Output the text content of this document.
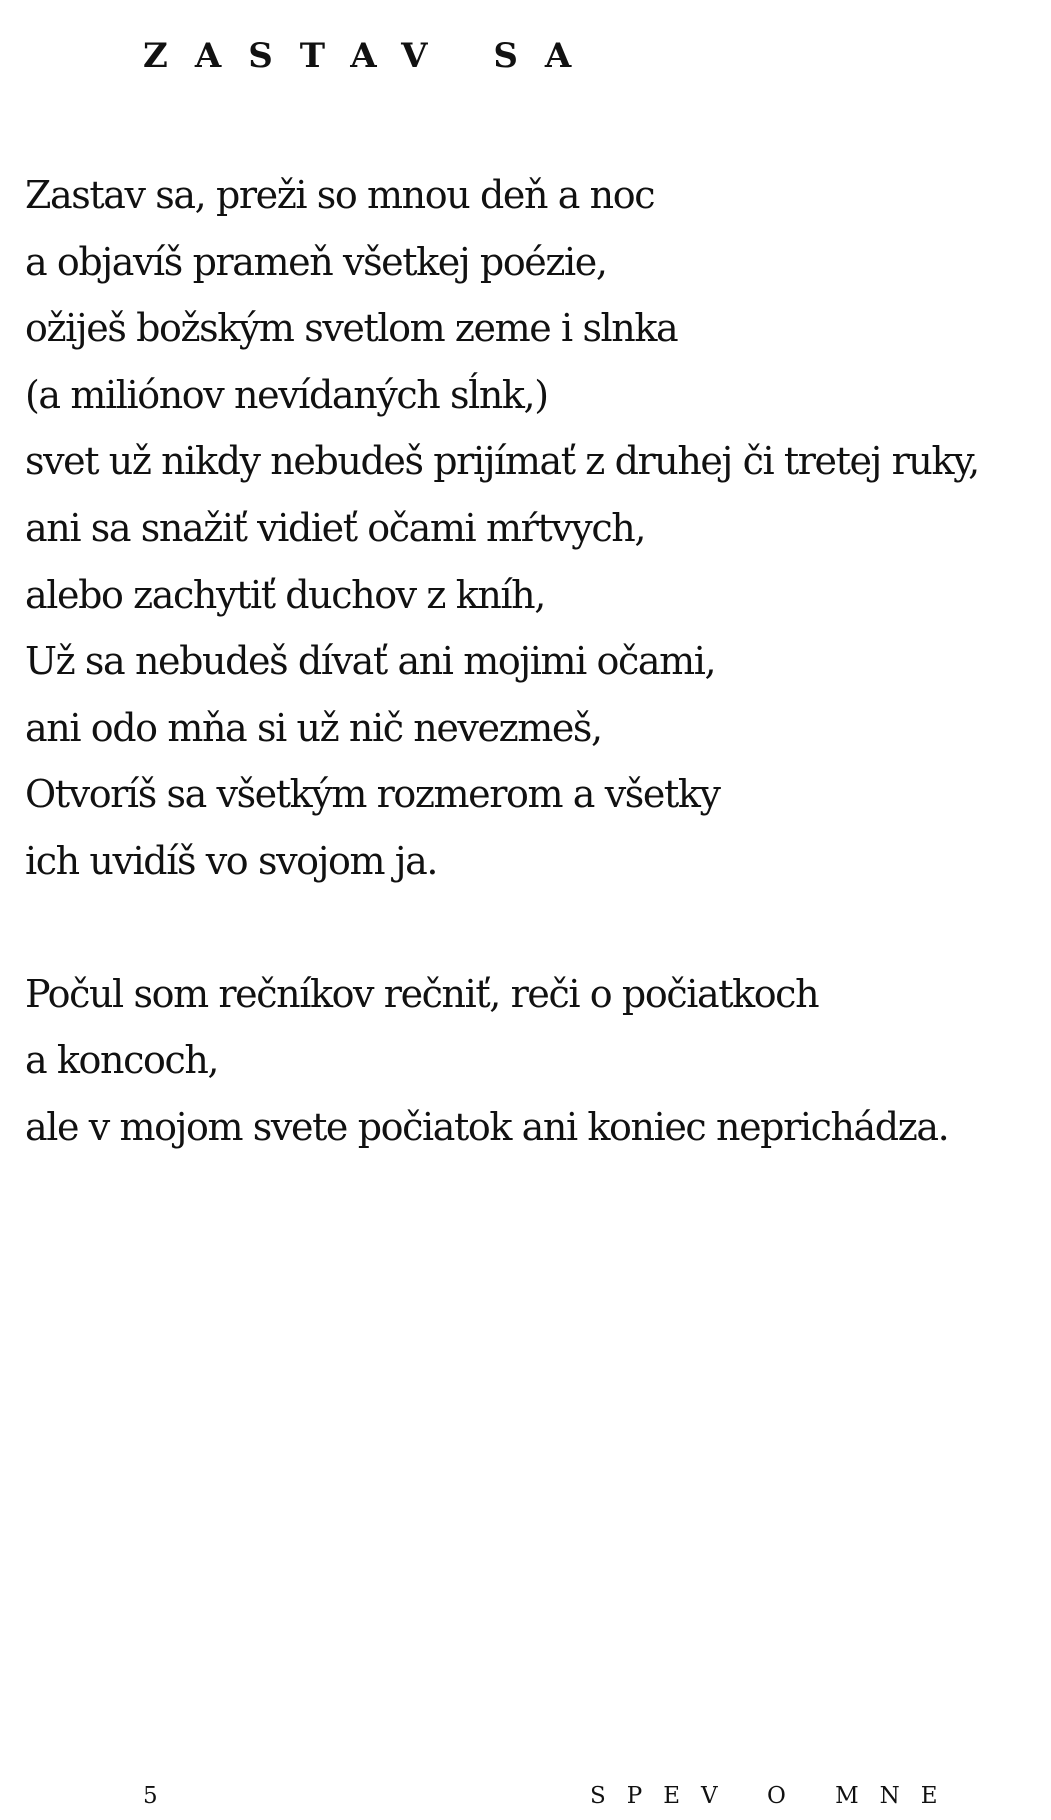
ZASTAV SA
Zastav sa, preži so mnou deň a noc
a objavíš prameň všetkej poézie,
ožiješ božským svetlom zeme i slnka
(a miliónov nevídaných sĺnk,)
svet už nikdy nebudeš prijímať z druhej či tretej ruky,
ani sa snažiť vidieť očami mŕtvych,
alebo zachytiť duchov z kníh,
Už sa nebudeš dívať ani mojimi očami,
ani odo mňa si už nič nevezmeš,
Otvoríš sa všetkým rozmerom a všetky
ich uvidíš vo svojom ja.
Počul som rečníkov rečniť, reči o počiatkoch
a koncoch,
ale v mojom svete počiatok ani koniec neprichádza.
5	SPEV O MNE
